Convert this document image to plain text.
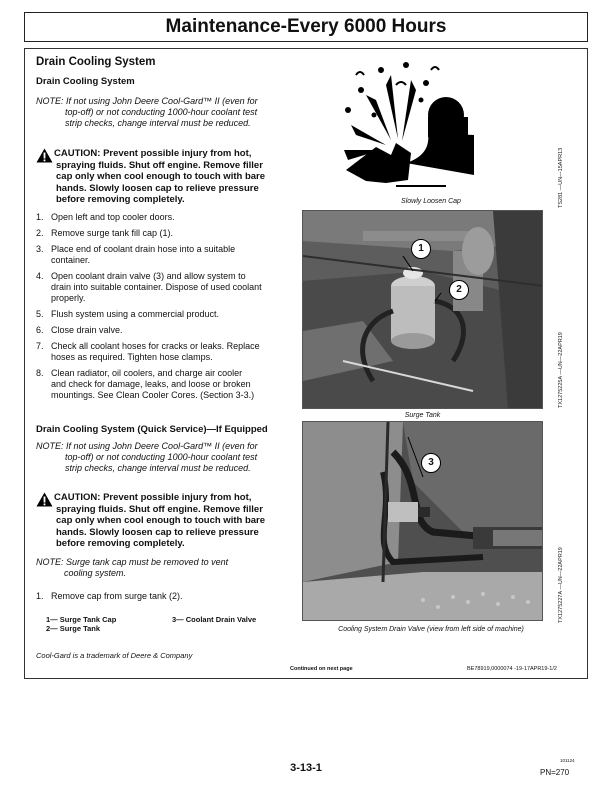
Maintenance-Every 6000 Hours
Drain Cooling System
Drain Cooling System
NOTE: If not using John Deere Cool-Gard™ II (even for
top-off) or not conducting 1000-hour coolant test
strip checks, change interval must be reduced.
CAUTION: Prevent possible injury from hot,
spraying fluids. Shut off engine. Remove filler
cap only when cool enough to touch with bare
hands. Slowly loosen cap to relieve pressure
before removing completely.
1. Open left and top cooler doors.
2. Remove surge tank fill cap (1).
3. Place end of coolant drain hose into a suitable
container.
4. Open coolant drain valve (3) and allow system to
drain into suitable container. Dispose of used coolant
properly.
5. Flush system using a commercial product.
6. Close drain valve.
7. Check all coolant hoses for cracks or leaks. Replace
hoses as required. Tighten hose clamps.
8. Clean radiator, oil coolers, and charge air cooler
and check for damage, leaks, and loose or broken
mountings. See Clean Cooler Cores. (Section 3-3.)
Drain Cooling System (Quick Service)—If Equipped
NOTE: If not using John Deere Cool-Gard™ II (even for
top-off) or not conducting 1000-hour coolant test
strip checks, change interval must be reduced.
CAUTION: Prevent possible injury from hot,
spraying fluids. Shut off engine. Remove filler
cap only when cool enough to touch with bare
hands. Slowly loosen cap to relieve pressure
before removing completely.
NOTE: Surge tank cap must be removed to vent
cooling system.
1. Remove cap from surge tank (2).
1— Surge Tank Cap
2— Surge Tank
3— Coolant Drain Valve
Cool-Gard is a trademark of Deere & Company
Continued on next page	BE78919,0000074 -19-17APR19-1/2
Slowly Loosen Cap	TS281 —UN—15APR13
1
2
Surge Tank
TX1275225A —UN—22APR19
3
Cooling System Drain Valve (view from left side of machine)
TX1275227A —UN—22APR19
3-13-1
101124
PN=270
